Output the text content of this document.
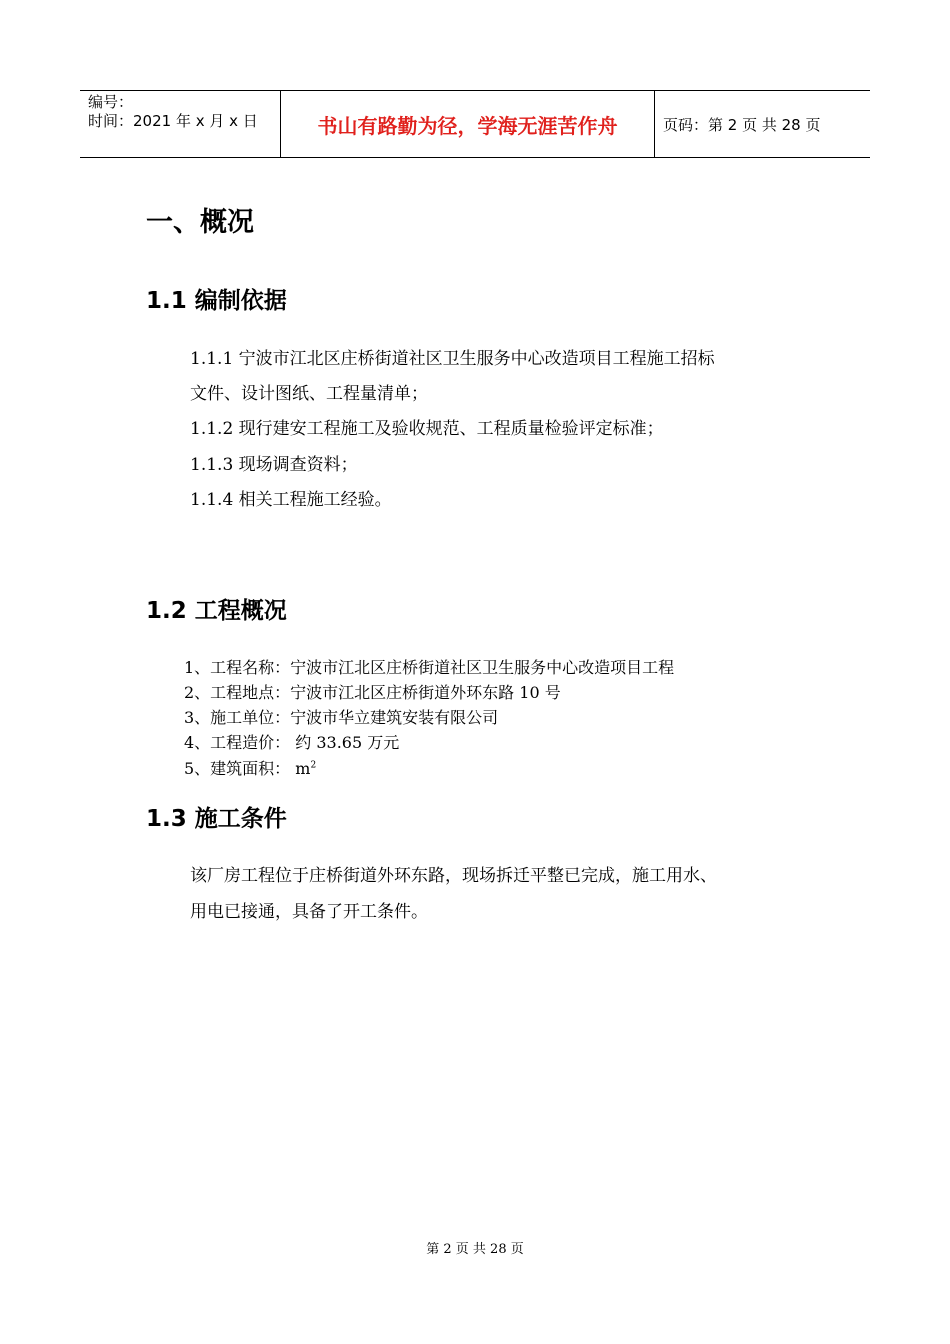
编号：
时间：2021 年 x 月 x 日	书山有路勤为径，学海无涯苦作舟	页码：第 2 页 共 28 页
一、概况
1.1 编制依据
1.1.1 宁波市江北区庄桥街道社区卫生服务中心改造项目工程施工招标
文件、设计图纸、工程量清单；
1.1.2 现行建安工程施工及验收规范、工程质量检验评定标准；
1.1.3 现场调查资料；
1.1.4 相关工程施工经验。
1.2 工程概况
1、工程名称：宁波市江北区庄桥街道社区卫生服务中心改造项目工程
2、工程地点：宁波市江北区庄桥街道外环东路 10 号
3、施工单位：宁波市华立建筑安装有限公司
4、工程造价： 约 33.65 万元
5、建筑面积： $m^2$
1.3 施工条件
该厂房工程位于庄桥街道外环东路，现场拆迁平整已完成，施工用水、
用电已接通，具备了开工条件。
第 2 页 共 28 页
